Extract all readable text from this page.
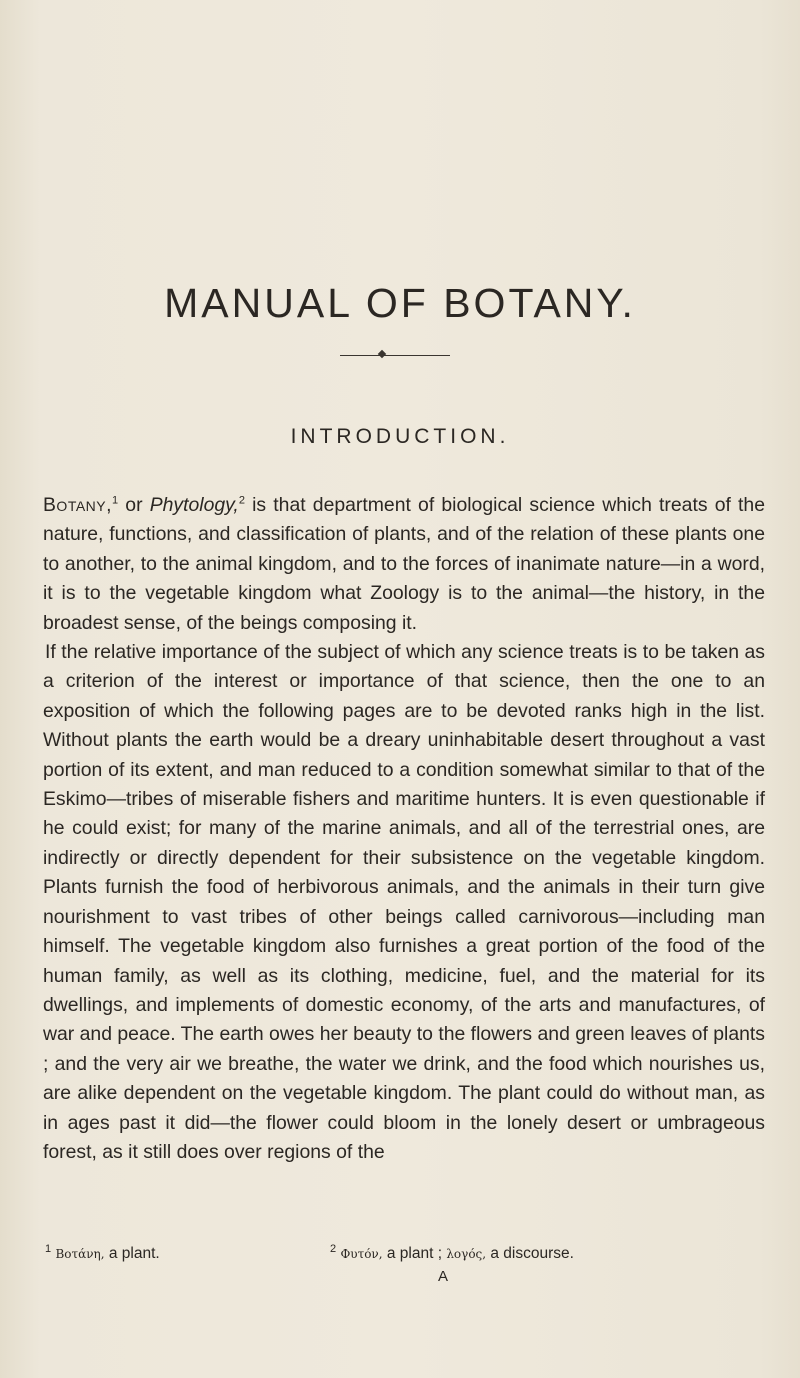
MANUAL OF BOTANY.
INTRODUCTION.

Botany,$^1$ or Phytology,$^2$ is that department of biological science which treats of the nature, functions, and classification of plants, and of the relation of these plants one to another, to the animal kingdom, and to the forces of inanimate nature—in a word, it is to the vegetable kingdom what Zoology is to the animal—the history, in the broadest sense, of the beings composing it.

If the relative importance of the subject of which any science treats is to be taken as a criterion of the interest or importance of that science, then the one to an exposition of which the following pages are to be devoted ranks high in the list. Without plants the earth would be a dreary uninhabitable desert throughout a vast portion of its extent, and man reduced to a condition somewhat similar to that of the Eskimo—tribes of miserable fishers and maritime hunters. It is even questionable if he could exist; for many of the marine animals, and all of the terrestrial ones, are indirectly or directly dependent for their subsistence on the vegetable kingdom. Plants furnish the food of herbivorous animals, and the animals in their turn give nourishment to vast tribes of other beings called carnivorous—including man himself. The vegetable kingdom also furnishes a great portion of the food of the human family, as well as its clothing, medicine, fuel, and the material for its dwellings, and implements of domestic economy, of the arts and manufactures, of war and peace. The earth owes her beauty to the flowers and green leaves of plants ; and the very air we breathe, the water we drink, and the food which nourishes us, are alike dependent on the vegetable kingdom. The plant could do without man, as in ages past it did—the flower could bloom in the lonely desert or umbrageous forest, as it still does over regions of the

$^1$ Βοτάνη, a plant.	$^2$ Φυτόν, a plant ; λογός, a discourse.
A
